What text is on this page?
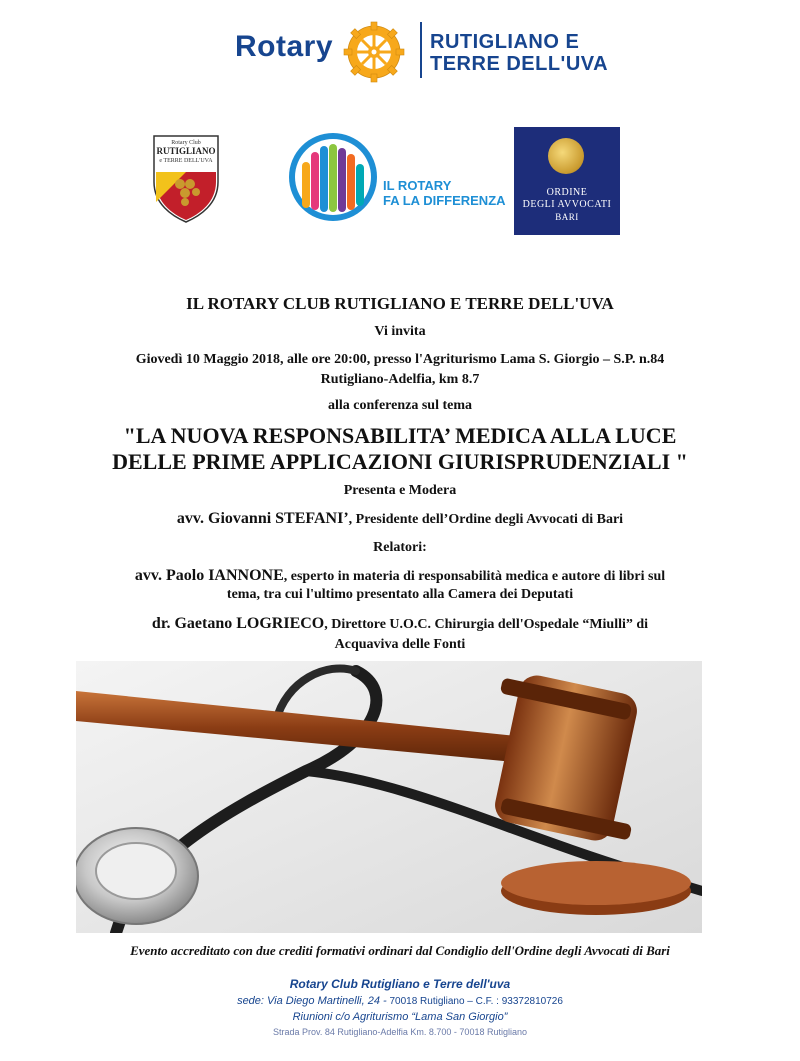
Rotary	RUTIGLIANO E
TERRE DELL'UVA
Rotary Club
RUTIGLIANO
e TERRE DELL'UVA
IL ROTARY
FA LA DIFFERENZA
ORDINE
DEGLI AVVOCATI
BARI
IL ROTARY CLUB RUTIGLIANO E TERRE DELL'UVA
Vi invita
Giovedì 10 Maggio 2018, alle ore 20:00, presso l'Agriturismo Lama S. Giorgio – S.P. n.84
Rutigliano-Adelfia, km 8.7
alla conferenza sul tema
"LA NUOVA RESPONSABILITA’ MEDICA ALLA LUCE
DELLE PRIME APPLICAZIONI GIURISPRUDENZIALI "
Presenta e Modera
avv. Giovanni STEFANI’, Presidente dell’Ordine degli Avvocati di Bari
Relatori:
avv. Paolo IANNONE, esperto in materia di responsabilità medica e autore di libri sul
tema, tra cui l'ultimo presentato alla Camera dei Deputati
dr. Gaetano LOGRIECO, Direttore U.O.C. Chirurgia dell'Ospedale “Miulli” di
Acquaviva delle Fonti
Evento accreditato con due crediti formativi ordinari dal Condiglio dell'Ordine degli Avvocati di Bari
Rotary Club Rutigliano e Terre dell'uva
sede: Via Diego Martinelli, 24 - 70018 Rutigliano – C.F. : 93372810726
Riunioni c/o Agriturismo “Lama San Giorgio”
Strada Prov. 84 Rutigliano-Adelfia Km. 8.700 - 70018 Rutigliano
